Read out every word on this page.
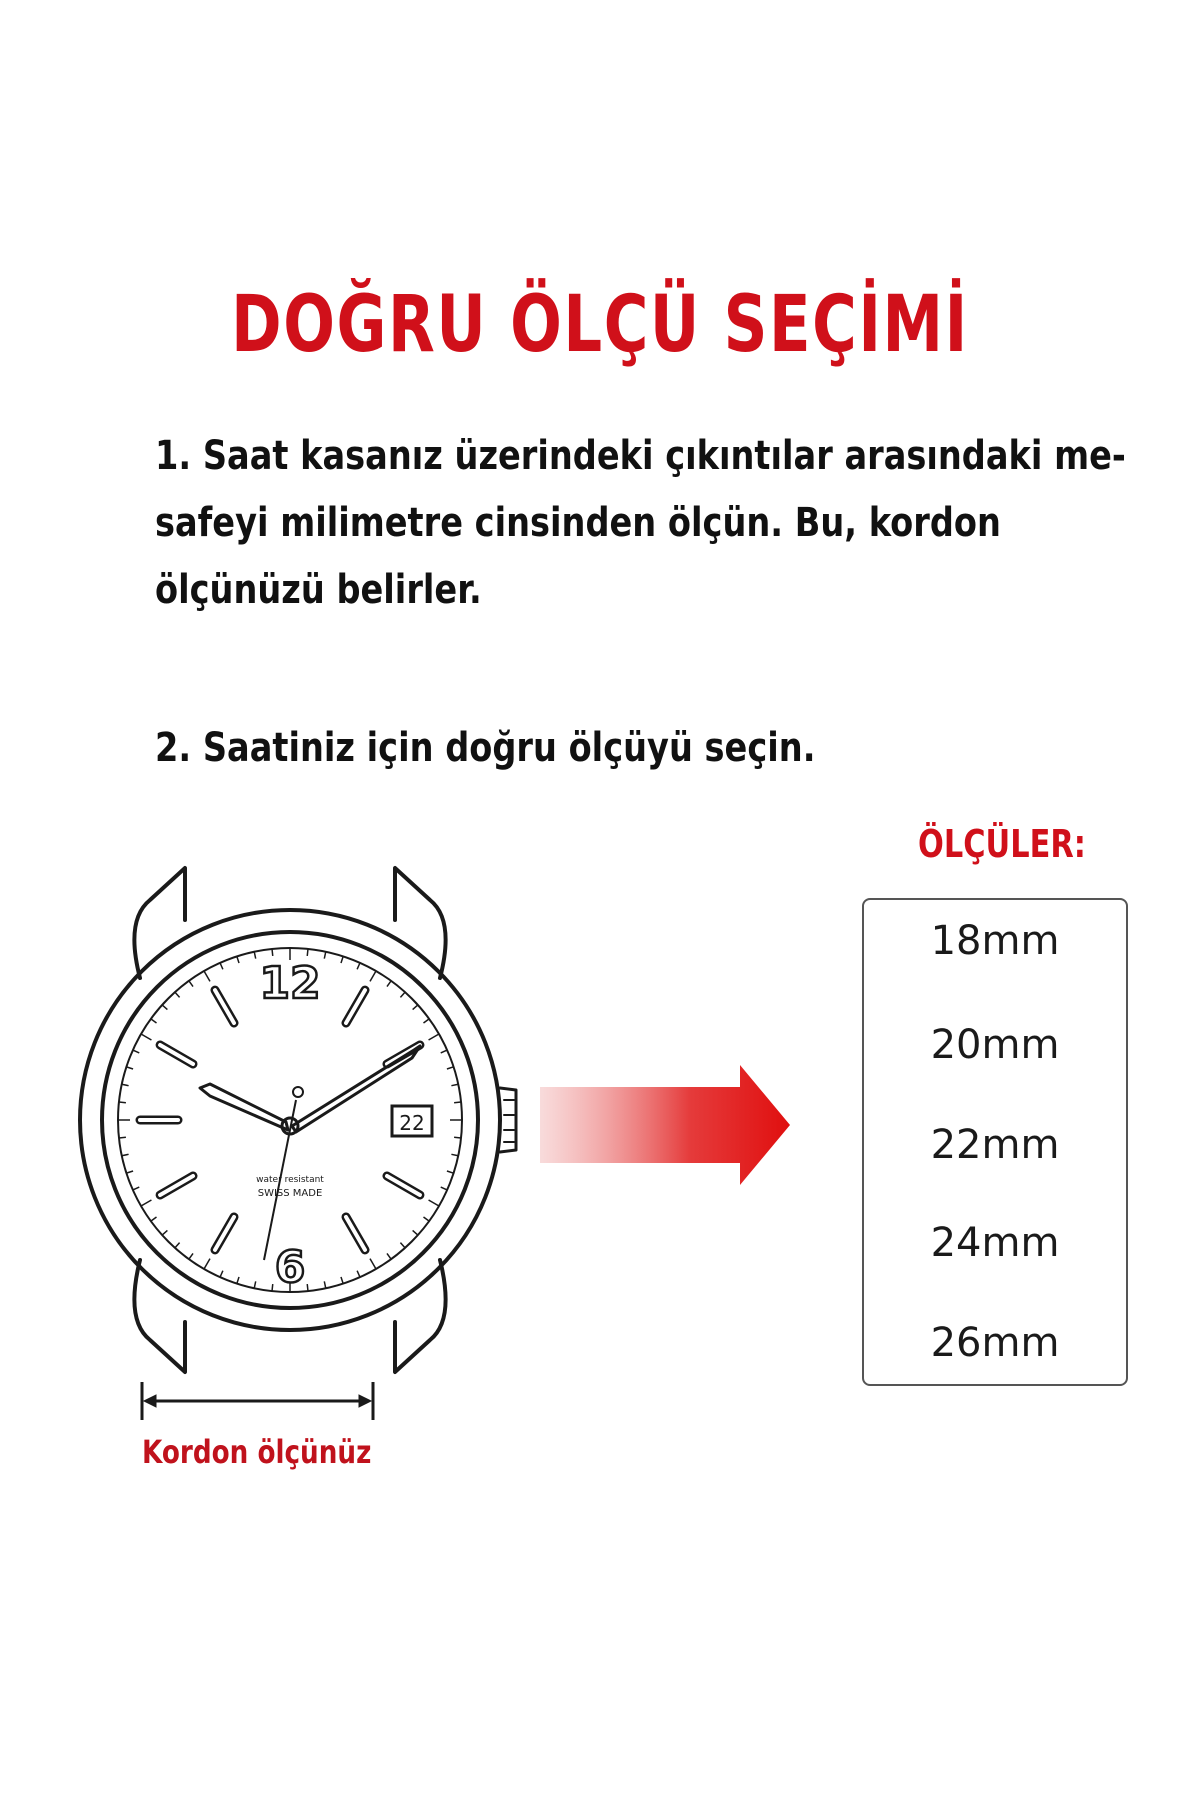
DOĞRU ÖLÇÜ SEÇİMİ

1. Saat kasanız üzerindeki çıkıntılar arasındaki me-

safeyi milimetre cinsinden ölçün. Bu, kordon

ölçünüzü belirler.

2. Saatiniz için doğru ölçüyü seçin.

12
6
22
water resistant
SWISS MADE

Kordon ölçünüz

ÖLÇÜLER:
18mm
20mm
22mm
24mm
26mm
